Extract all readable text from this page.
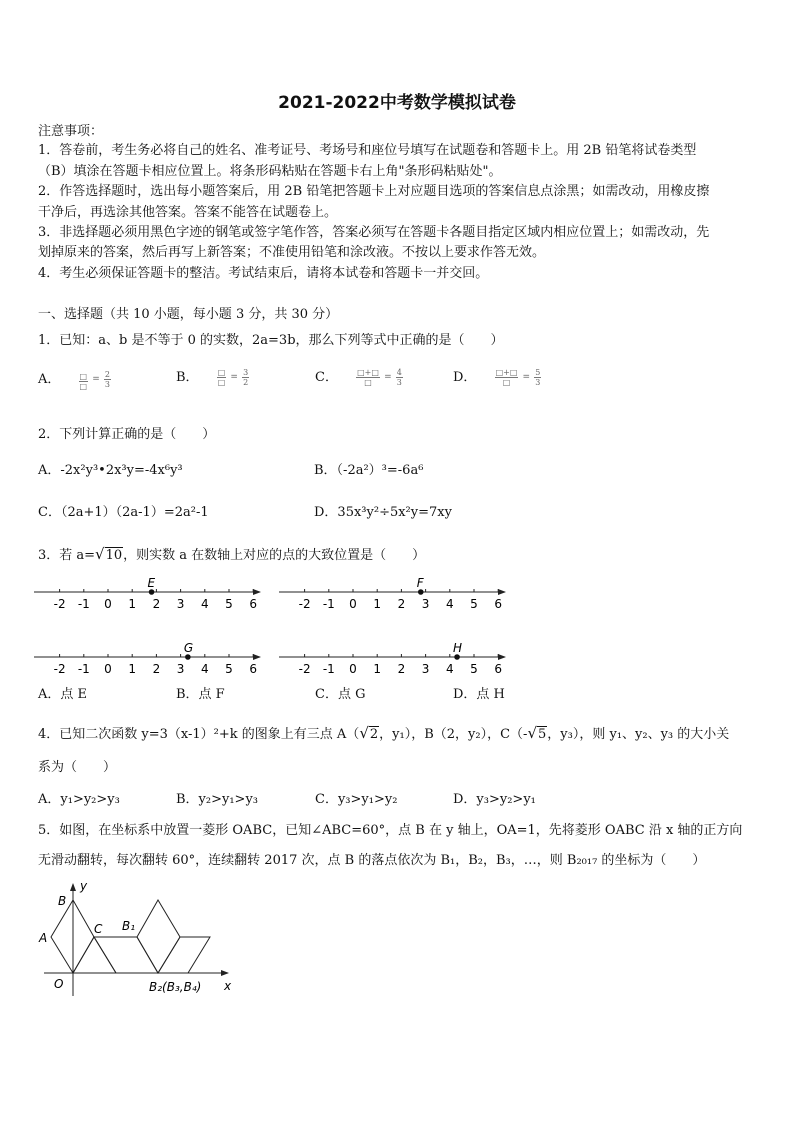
2021-2022中考数学模拟试卷
注意事项：
1．答卷前，考生务必将自己的姓名、准考证号、考场号和座位号填写在试题卷和答题卡上。用 2B 铅笔将试卷类型
（B）填涂在答题卡相应位置上。将条形码粘贴在答题卡右上角"条形码粘贴处"。
2．作答选择题时，选出每小题答案后，用 2B 铅笔把答题卡上对应题目选项的答案信息点涂黑；如需改动，用橡皮擦
干净后，再选涂其他答案。答案不能答在试题卷上。
3．非选择题必须用黑色字迹的钢笔或签字笔作答，答案必须写在答题卡各题目指定区域内相应位置上；如需改动，先
划掉原来的答案，然后再写上新答案；不准使用铅笔和涂改液。不按以上要求作答无效。
4．考生必须保证答题卡的整洁。考试结束后，请将本试卷和答题卡一并交回。
一、选择题（共 10 小题，每小题 3 分，共 30 分）
1．已知：a、b 是不等于 0 的实数，2a=3b，那么下列等式中正确的是（　　）
A． $\frac{□}{□} = \frac{2}{3}$	B． $\frac{□}{□} = \frac{3}{2}$	C． $\frac{□+□}{□} = \frac{4}{3}$	D． $\frac{□+□}{□} = \frac{5}{3}$
2．下列计算正确的是（　　）
A．-2x²y³•2x³y=-4x⁶y³	B．（-2a²）³=-6a⁶
C．（2a+1）（2a-1）=2a²-1	D．35x³y²÷5x²y=7xy
3．若 a=√10，则实数 a 在数轴上对应的点的大致位置是（　　）
-2 -1 0 1 2 3 4 5 6
E
-2 -1 0 1 2 3 4 5 6
F
-2 -1 0 1 2 3 4 5 6
G
-2 -1 0 1 2 3 4 5 6
H
A．点 E	B．点 F	C．点 G	D．点 H
4．已知二次函数 y=3（x-1）²+k 的图象上有三点 A（√2，y₁），B（2，y₂），C（-√5，y₃），则 y₁、y₂、y₃ 的大小关
系为（　　）
A．y₁>y₂>y₃	B．y₂>y₁>y₃	C．y₃>y₁>y₂	D．y₃>y₂>y₁
5．如图，在坐标系中放置一菱形 OABC，已知∠ABC=60°，点 B 在 y 轴上，OA=1，先将菱形 OABC 沿 x 轴的正方向
无滑动翻转，每次翻转 60°，连续翻转 2017 次，点 B 的落点依次为 B₁，B₂，B₃，…，则 B₂₀₁₇ 的坐标为（　　）
y
x
B
A
C B₁
O	B₂(B₃,B₄)
